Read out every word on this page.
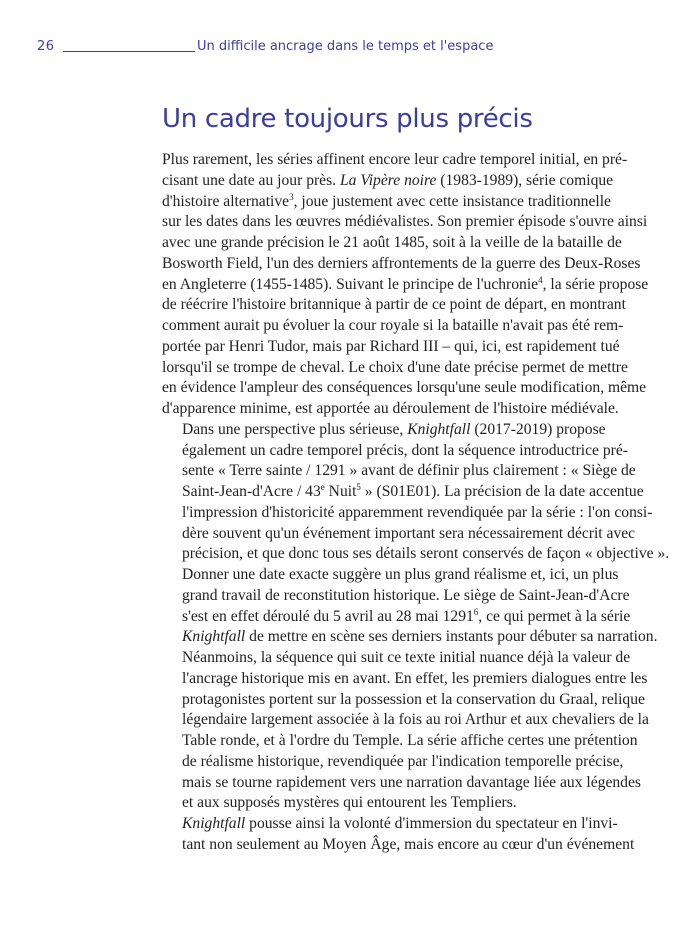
26	Un difficile ancrage dans le temps et l'espace
Un cadre toujours plus précis

Plus rarement, les séries affinent encore leur cadre temporel initial, en pré-
cisant une date au jour près. La Vipère noire (1983-1989), série comique
d'histoire alternative$^3$, joue justement avec cette insistance traditionnelle
sur les dates dans les œuvres médiévalistes. Son premier épisode s'ouvre ainsi
avec une grande précision le 21 août 1485, soit à la veille de la bataille de
Bosworth Field, l'un des derniers affrontements de la guerre des Deux-Roses
en Angleterre (1455-1485). Suivant le principe de l'uchronie$^4$, la série propose
de réécrire l'histoire britannique à partir de ce point de départ, en montrant
comment aurait pu évoluer la cour royale si la bataille n'avait pas été rem-
portée par Henri Tudor, mais par Richard III – qui, ici, est rapidement tué
lorsqu'il se trompe de cheval. Le choix d'une date précise permet de mettre
en évidence l'ampleur des conséquences lorsqu'une seule modification, même
d'apparence minime, est apportée au déroulement de l'histoire médiévale.

Dans une perspective plus sérieuse, Knightfall (2017-2019) propose
également un cadre temporel précis, dont la séquence introductrice pré-
sente « Terre sainte / 1291 » avant de définir plus clairement : « Siège de
Saint-Jean-d'Acre / 43e Nuit$^5$ » (S01E01). La précision de la date accentue
l'impression d'historicité apparemment revendiquée par la série : l'on consi-
dère souvent qu'un événement important sera nécessairement décrit avec
précision, et que donc tous ses détails seront conservés de façon « objective ».
Donner une date exacte suggère un plus grand réalisme et, ici, un plus
grand travail de reconstitution historique. Le siège de Saint-Jean-d'Acre
s'est en effet déroulé du 5 avril au 28 mai 1291$^6$, ce qui permet à la série
Knightfall de mettre en scène ses derniers instants pour débuter sa narration.
Néanmoins, la séquence qui suit ce texte initial nuance déjà la valeur de
l'ancrage historique mis en avant. En effet, les premiers dialogues entre les
protagonistes portent sur la possession et la conservation du Graal, relique
légendaire largement associée à la fois au roi Arthur et aux chevaliers de la
Table ronde, et à l'ordre du Temple. La série affiche certes une prétention
de réalisme historique, revendiquée par l'indication temporelle précise,
mais se tourne rapidement vers une narration davantage liée aux légendes
et aux supposés mystères qui entourent les Templiers.

Knightfall pousse ainsi la volonté d'immersion du spectateur en l'invi-
tant non seulement au Moyen Âge, mais encore au cœur d'un événement
